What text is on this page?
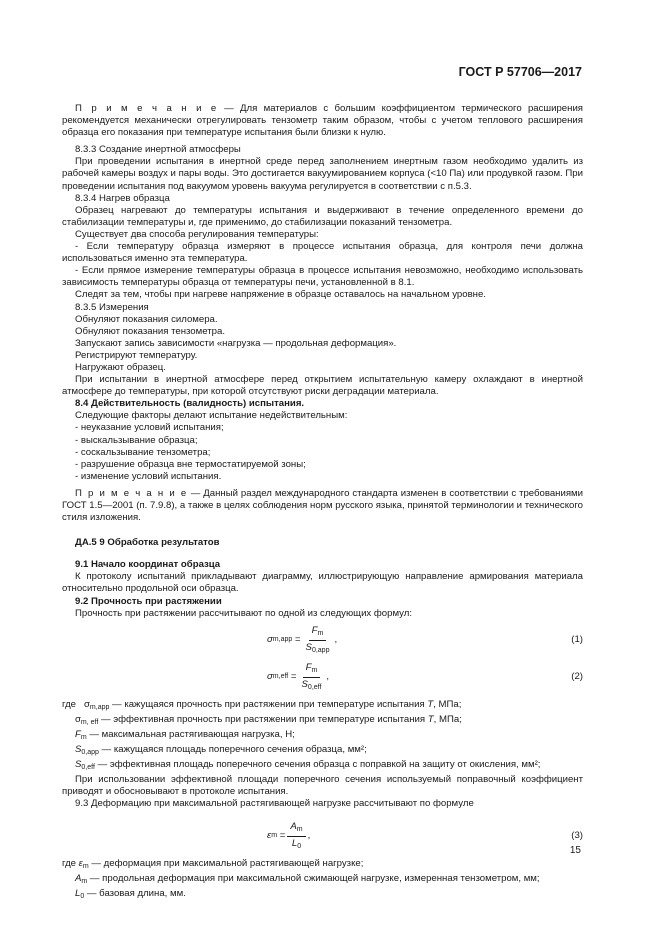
ГОСТ Р 57706—2017

П р и м е ч а н и е — Для материалов с большим коэффициентом термического расширения рекомендуется механически отрегулировать тензометр таким образом, чтобы с учетом теплового расширения образца его показания при температуре испытания были близки к нулю.

8.3.3 Создание инертной атмосферы

При проведении испытания в инертной среде перед заполнением инертным газом необходимо удалить из рабочей камеры воздух и пары воды. Это достигается вакуумированием корпуса (<10 Па) или продувкой газом. При проведении испытания под вакуумом уровень вакуума регулируется в соответствии с п.5.3.

8.3.4 Нагрев образца

Образец нагревают до температуры испытания и выдерживают в течение определенного времени до стабилизации температуры и, где применимо, до стабилизации показаний тензометра.

Существует два способа регулирования температуры:

- Если температуру образца измеряют в процессе испытания образца, для контроля печи должна использоваться именно эта температура.

- Если прямое измерение температуры образца в процессе испытания невозможно, необходимо использовать зависимость температуры образца от температуры печи, установленной в 8.1.

Следят за тем, чтобы при нагреве напряжение в образце оставалось на начальном уровне.

8.3.5 Измерения

Обнуляют показания силомера.

Обнуляют показания тензометра.

Запускают запись зависимости «нагрузка — продольная деформация».

Регистрируют температуру.

Нагружают образец.

При испытании в инертной атмосфере перед открытием испытательную камеру охлаждают в инертной атмосфере до температуры, при которой отсутствуют риски деградации материала.

8.4 Действительность (валидность) испытания.

Следующие факторы делают испытание недействительным:

- неуказание условий испытания;

- выскальзывание образца;

- соскальзывание тензометра;

- разрушение образца вне термостатируемой зоны;

- изменение условий испытания.

П р и м е ч а н и е — Данный раздел международного стандарта изменен в соответствии с требованиями ГОСТ 1.5—2001 (п. 7.9.8), а также в целях соблюдения норм русского языка, принятой терминологии и технического стиля изложения.

ДА.5 9 Обработка результатов

9.1 Начало координат образца

К протоколу испытаний прикладывают диаграмму, иллюстрирующую направление армирования материала относительно продольной оси образца.

9.2 Прочность при растяжении

Прочность при растяжении рассчитывают по одной из следующих формул:

σ m,app
= $\frac{F_m}{S_{0,app}}$ ,	(1)
σ m,eff
= $\frac{F_m}{S_{0,eff}}$ ,	(2)

где   $\sigma_{m,app}$ — кажущаяся прочность при растяжении при температуре испытания T, МПа;

$\sigma_{m, eff}$ — эффективная прочность при растяжении при температуре испытания T, МПа;

$F_m$ — максимальная растягивающая нагрузка, Н;

$S_{0,app}$ — кажущаяся площадь поперечного сечения образца, мм²;

$S_{0,eff}$ — эффективная площадь поперечного сечения образца с поправкой на защиту от окисления, мм²;

При использовании эффективной площади поперечного сечения используемый поправочный коэффициент приводят и обосновывают в протоколе испытания.

9.3 Деформацию при максимальной растягивающей нагрузке рассчитывают по формуле

ε m
= $\frac{A_m}{L_0}$ ,	(3)

где $\varepsilon_m$ — деформация при максимальной растягивающей нагрузке;

$A_m$ — продольная деформация при максимальной сжимающей нагрузке, измеренная тензометром, мм;

$L_0$ — базовая длина, мм.

15
